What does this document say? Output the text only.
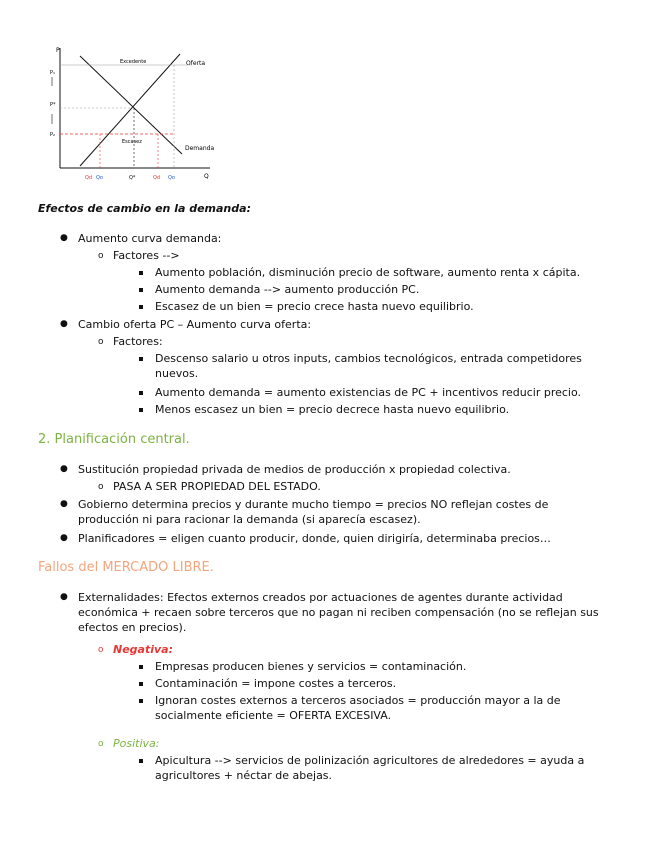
P
Q
Oferta
Demanda
Excedente
P₁
P*
P₂
Escasez
Qd Qo	Q*	Qd Qo
Efectos de cambio en la demanda:
● Aumento curva demanda:
o Factores -->
Aumento población, disminución precio de software, aumento renta x cápita.
Aumento demanda --> aumento producción PC.
Escasez de un bien = precio crece hasta nuevo equilibrio.
● Cambio oferta PC – Aumento curva oferta:
o Factores:
Descenso salario u otros inputs, cambios tecnológicos, entrada competidores nuevos.
Aumento demanda = aumento existencias de PC + incentivos reducir precio.
Menos escasez un bien = precio decrece hasta nuevo equilibrio.
2. Planificación central.
● Sustitución propiedad privada de medios de producción x propiedad colectiva.
o PASA A SER PROPIEDAD DEL ESTADO.
● Gobierno determina precios y durante mucho tiempo = precios NO reflejan costes de producción ni para racionar la demanda (si aparecía escasez).
● Planificadores = eligen cuanto producir, donde, quien dirigiría, determinaba precios…
Fallos del MERCADO LIBRE.
● Externalidades: Efectos externos creados por actuaciones de agentes durante actividad económica + recaen sobre terceros que no pagan ni reciben compensación (no se reflejan sus efectos en precios).
o Negativa:
Empresas producen bienes y servicios = contaminación.
Contaminación = impone costes a terceros.
Ignoran costes externos a terceros asociados = producción mayor a la de socialmente eficiente = OFERTA EXCESIVA.
o Positiva:
Apicultura --> servicios de polinización agricultores de alrededores = ayuda a agricultores + néctar de abejas.
